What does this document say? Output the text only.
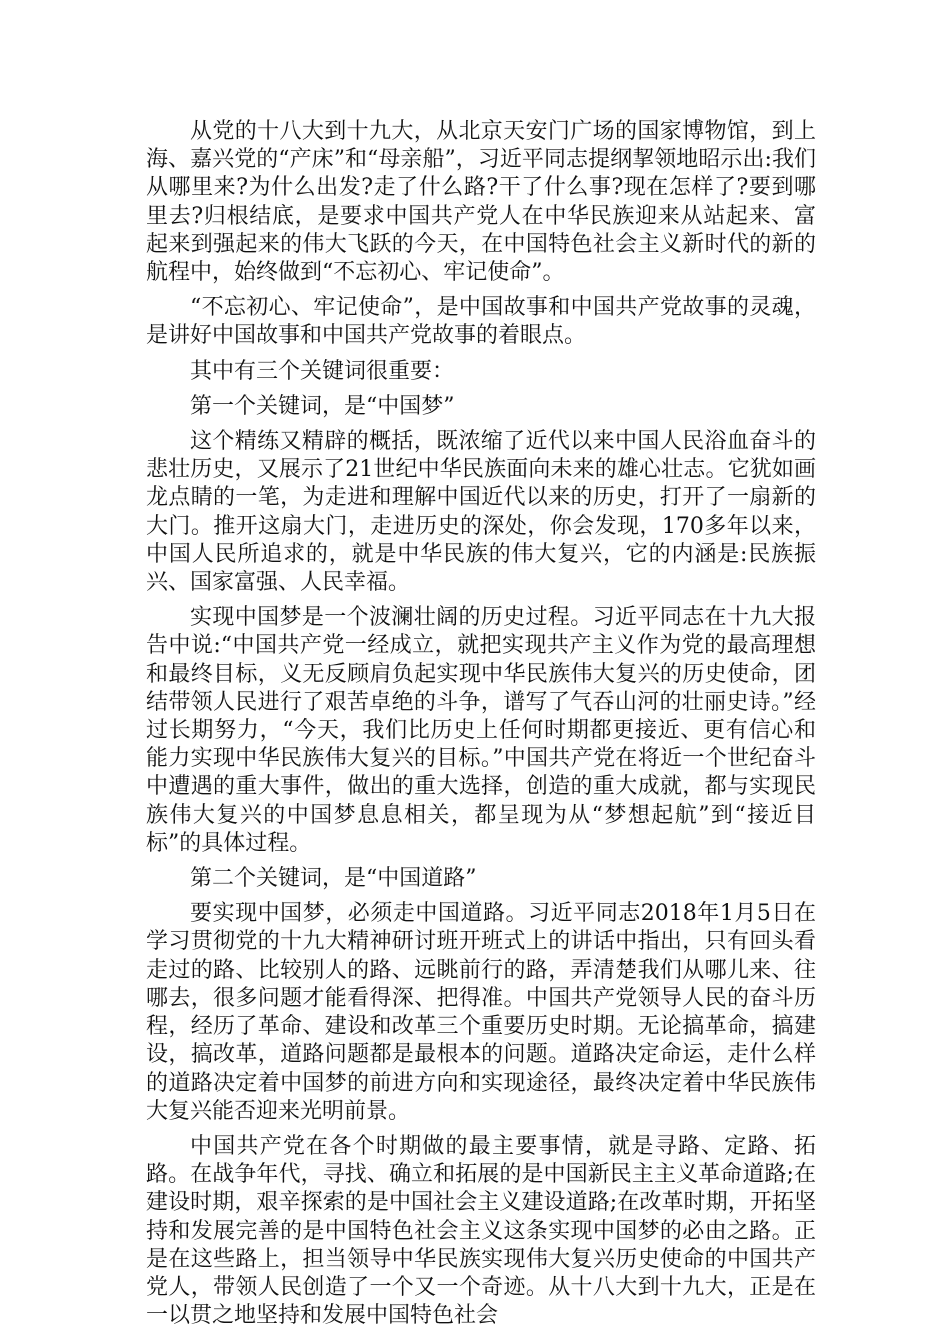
从党的十八大到十九大，从北京天安门广场的国家博物馆，到上海、嘉兴党的“产床”和“母亲船”，习近平同志提纲挈领地昭示出:我们从哪里来?为什么出发?走了什么路?干了什么事?现在怎样了?要到哪里去?归根结底，是要求中国共产党人在中华民族迎来从站起来、富起来到强起来的伟大飞跃的今天，在中国特色社会主义新时代的新的航程中，始终做到“不忘初心、牢记使命”。

“不忘初心、牢记使命”，是中国故事和中国共产党故事的灵魂，是讲好中国故事和中国共产党故事的着眼点。

其中有三个关键词很重要：

第一个关键词，是“中国梦”

这个精练又精辟的概括，既浓缩了近代以来中国人民浴血奋斗的悲壮历史，又展示了21世纪中华民族面向未来的雄心壮志。它犹如画龙点睛的一笔，为走进和理解中国近代以来的历史，打开了一扇新的大门。推开这扇大门，走进历史的深处，你会发现，170多年以来，中国人民所追求的，就是中华民族的伟大复兴，它的内涵是:民族振兴、国家富强、人民幸福。

实现中国梦是一个波澜壮阔的历史过程。习近平同志在十九大报告中说:“中国共产党一经成立，就把实现共产主义作为党的最高理想和最终目标，义无反顾肩负起实现中华民族伟大复兴的历史使命，团结带领人民进行了艰苦卓绝的斗争，谱写了气吞山河的壮丽史诗。”经过长期努力，“今天，我们比历史上任何时期都更接近、更有信心和能力实现中华民族伟大复兴的目标。”中国共产党在将近一个世纪奋斗中遭遇的重大事件，做出的重大选择，创造的重大成就，都与实现民族伟大复兴的中国梦息息相关，都呈现为从“梦想起航”到“接近目标”的具体过程。

第二个关键词，是“中国道路”

要实现中国梦，必须走中国道路。习近平同志2018年1月5日在学习贯彻党的十九大精神研讨班开班式上的讲话中指出，只有回头看走过的路、比较别人的路、远眺前行的路，弄清楚我们从哪儿来、往哪去，很多问题才能看得深、把得准。中国共产党领导人民的奋斗历程，经历了革命、建设和改革三个重要历史时期。无论搞革命，搞建设，搞改革，道路问题都是最根本的问题。道路决定命运，走什么样的道路决定着中国梦的前进方向和实现途径，最终决定着中华民族伟大复兴能否迎来光明前景。

中国共产党在各个时期做的最主要事情，就是寻路、定路、拓路。在战争年代，寻找、确立和拓展的是中国新民主主义革命道路;在建设时期，艰辛探索的是中国社会主义建设道路;在改革时期，开拓坚持和发展完善的是中国特色社会主义这条实现中国梦的必由之路。正是在这些路上，担当领导中华民族实现伟大复兴历史使命的中国共产党人，带领人民创造了一个又一个奇迹。从十八大到十九大，正是在一以贯之地坚持和发展中国特色社会
